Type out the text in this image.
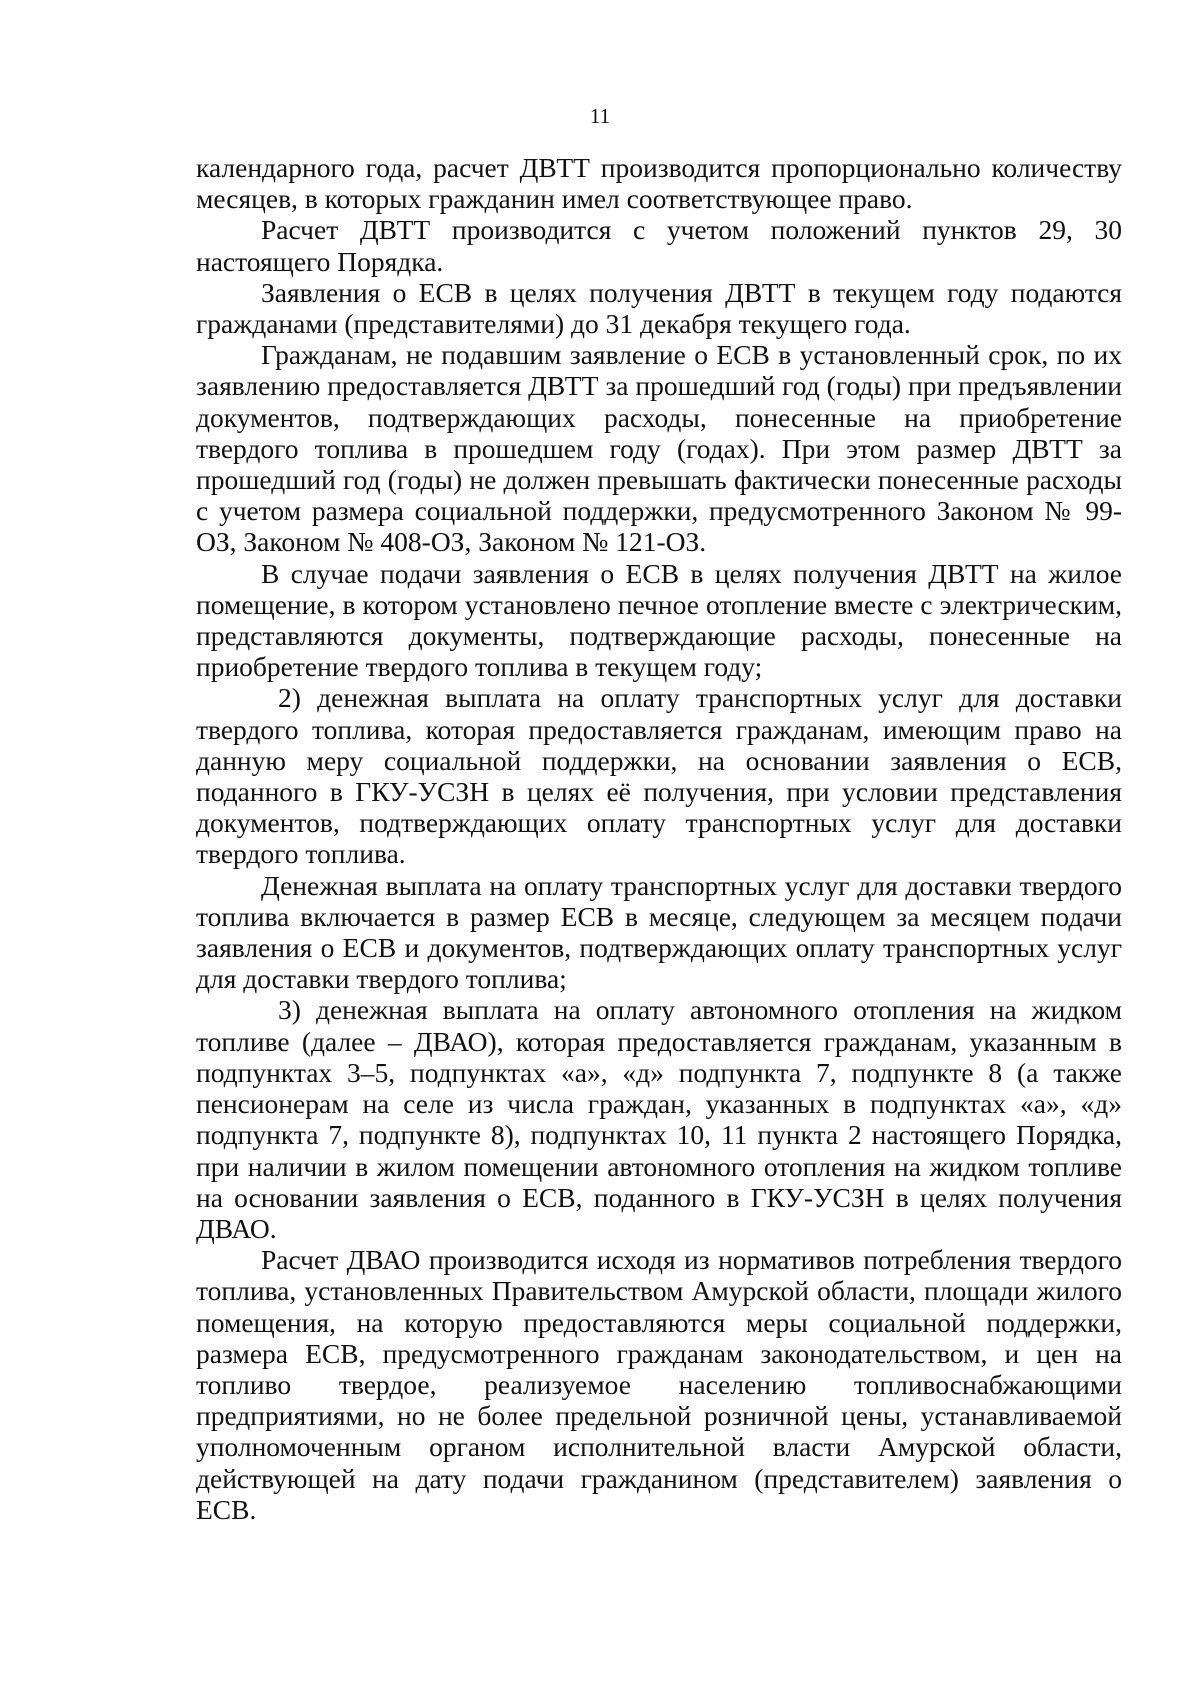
11

календарного года, расчет ДВТТ производится пропорционально количеству месяцев, в которых гражданин имел соответствующее право.

Расчет ДВТТ производится с учетом положений пунктов 29, 30 настоящего Порядка.

Заявления о ЕСВ в целях получения ДВТТ в текущем году подаются гражданами (представителями) до 31 декабря текущего года.

Гражданам, не подавшим заявление о ЕСВ в установленный срок, по их заявлению предоставляется ДВТТ за прошедший год (годы) при предъявлении документов, подтверждающих расходы, понесенные на приобретение твердого топлива в прошедшем году (годах). При этом размер ДВТТ за прошедший год (годы) не должен превышать фактически понесенные расходы с учетом размера социальной поддержки, предусмотренного Законом № 99-ОЗ, Законом № 408-ОЗ, Законом № 121-ОЗ.

В случае подачи заявления о ЕСВ в целях получения ДВТТ на жилое помещение, в котором установлено печное отопление вместе с электрическим, представляются документы, подтверждающие расходы, понесенные на приобретение твердого топлива в текущем году;

2) денежная выплата на оплату транспортных услуг для доставки твердого топлива, которая предоставляется гражданам, имеющим право на данную меру социальной поддержки, на основании заявления о ЕСВ, поданного в ГКУ-УСЗН в целях её получения, при условии представления документов, подтверждающих оплату транспортных услуг для доставки твердого топлива.

Денежная выплата на оплату транспортных услуг для доставки твердого топлива включается в размер ЕСВ в месяце, следующем за месяцем подачи заявления о ЕСВ и документов, подтверждающих оплату транспортных услуг для доставки твердого топлива;

3) денежная выплата на оплату автономного отопления на жидком топливе (далее – ДВАО), которая предоставляется гражданам, указанным в подпунктах 3–5, подпунктах «а», «д» подпункта 7, подпункте 8 (а также пенсионерам на селе из числа граждан, указанных в подпунктах «а», «д» подпункта 7, подпункте 8), подпунктах 10, 11 пункта 2 настоящего Порядка, при наличии в жилом помещении автономного отопления на жидком топливе на основании заявления о ЕСВ, поданного в ГКУ-УСЗН в целях получения ДВАО.

Расчет ДВАО производится исходя из нормативов потребления твердого топлива, установленных Правительством Амурской области, площади жилого помещения, на которую предоставляются меры социальной поддержки, размера ЕСВ, предусмотренного гражданам законодательством, и цен на топливо твердое, реализуемое населению топливоснабжающими предприятиями, но не более предельной розничной цены, устанавливаемой уполномоченным органом исполнительной власти Амурской области, действующей на дату подачи гражданином (представителем) заявления о ЕСВ.
